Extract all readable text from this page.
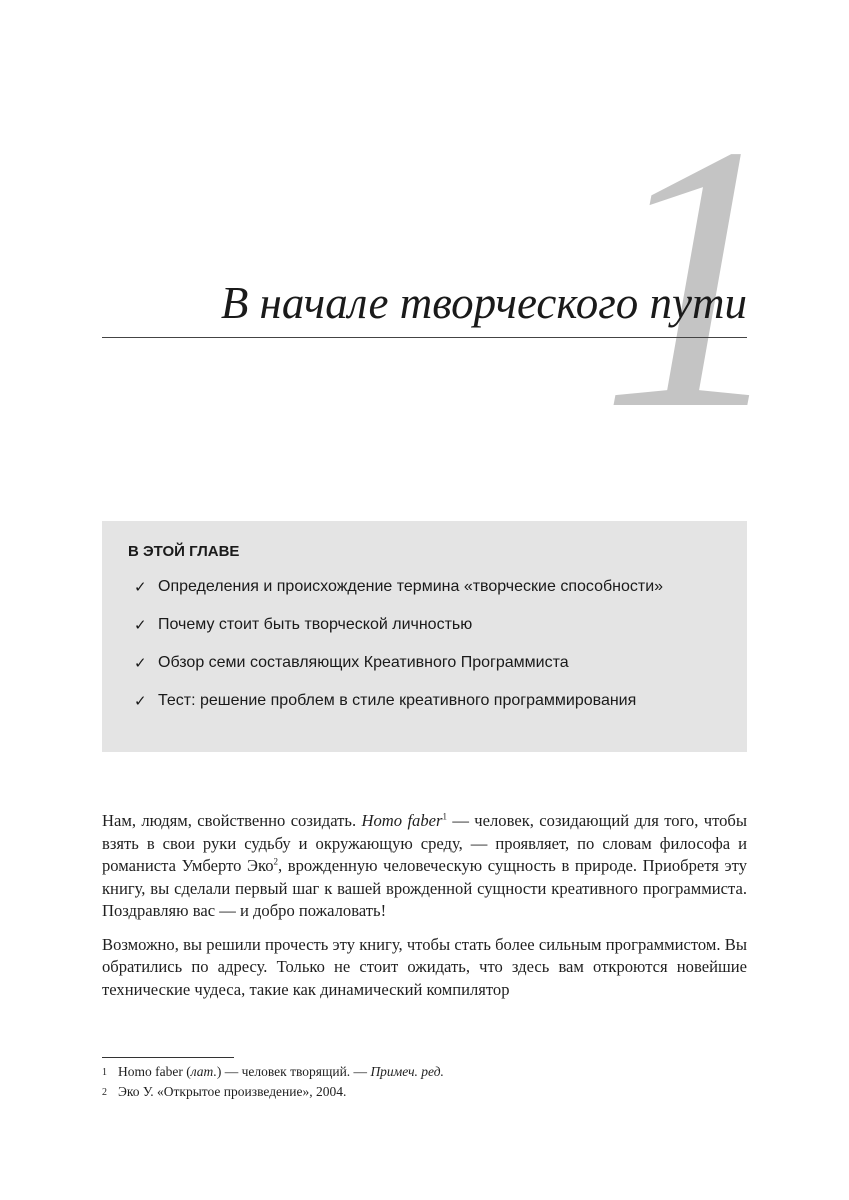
1
В начале творческого пути
В ЭТОЙ ГЛАВЕ
✓ Определения и происхождение термина «творческие способности»
✓ Почему стоит быть творческой личностью
✓ Обзор семи составляющих Креативного Программиста
✓ Тест: решение проблем в стиле креативного программирования

Нам, людям, свойственно созидать. Homo faber$^1$ — человек, созидающий для того, чтобы взять в свои руки судьбу и окружающую среду, — проявляет, по словам философа и романиста Умберто Эко$^2$, врожденную человеческую сущность в природе. Приобретя эту книгу, вы сделали первый шаг к вашей врожденной сущности креативного программиста. Поздравляю вас — и добро пожаловать!

Возможно, вы решили прочесть эту книгу, чтобы стать более сильным программистом. Вы обратились по адресу. Только не стоит ожидать, что здесь вам откроются новейшие технические чудеса, такие как динамический компилятор

1 Homo faber (лат.) — человек творящий. — Примеч. ред.
2 Эко У. «Открытое произведение», 2004.
